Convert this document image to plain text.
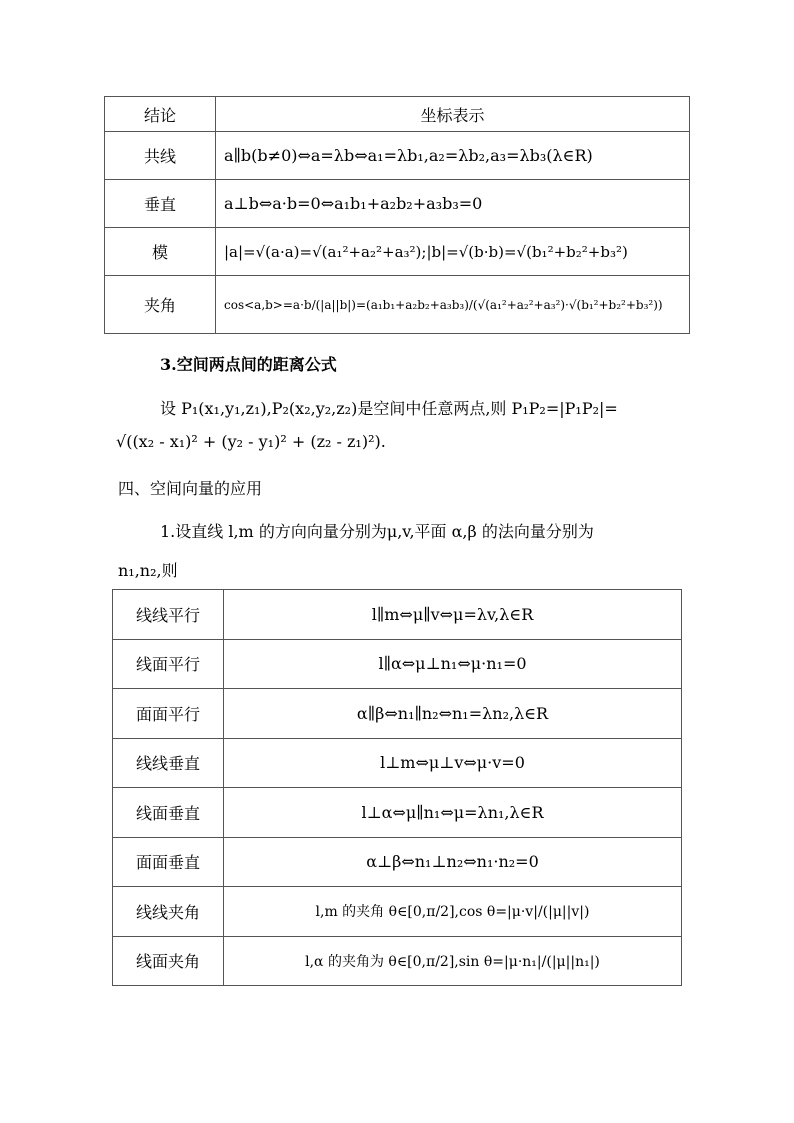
结论	坐标表示
共线	a∥b(b≠0)⇔a=λb⇔a₁=λb₁,a₂=λb₂,a₃=λb₃(λ∈R)
垂直	a⊥b⇔a·b=0⇔a₁b₁+a₂b₂+a₃b₃=0
模	|a|=√(a·a)=√(a₁²+a₂²+a₃²);|b|=√(b·b)=√(b₁²+b₂²+b₃²)
夹角	cos<a,b>=a·b/(|a||b|)=(a₁b₁+a₂b₂+a₃b₃)/(√(a₁²+a₂²+a₃²)·√(b₁²+b₂²+b₃²))
3.空间两点间的距离公式
设 P₁(x₁,y₁,z₁),P₂(x₂,y₂,z₂)是空间中任意两点,则 P₁P₂=|P₁P₂|=
√((x₂ - x₁)² + (y₂ - y₁)² + (z₂ - z₁)²).
四、空间向量的应用
1.设直线 l,m 的方向向量分别为μ,v,平面 α,β 的法向量分别为
n₁,n₂,则
线线平行	l∥m⇔μ∥v⇔μ=λv,λ∈R
线面平行	l∥α⇔μ⊥n₁⇔μ·n₁=0
面面平行	α∥β⇔n₁∥n₂⇔n₁=λn₂,λ∈R
线线垂直	l⊥m⇔μ⊥v⇔μ·v=0
线面垂直	l⊥α⇔μ∥n₁⇔μ=λn₁,λ∈R
面面垂直	α⊥β⇔n₁⊥n₂⇔n₁·n₂=0
线线夹角	l,m 的夹角 θ∈[0,π/2],cos θ=|μ·v|/(|μ||v|)
线面夹角	l,α 的夹角为 θ∈[0,π/2],sin θ=|μ·n₁|/(|μ||n₁|)
